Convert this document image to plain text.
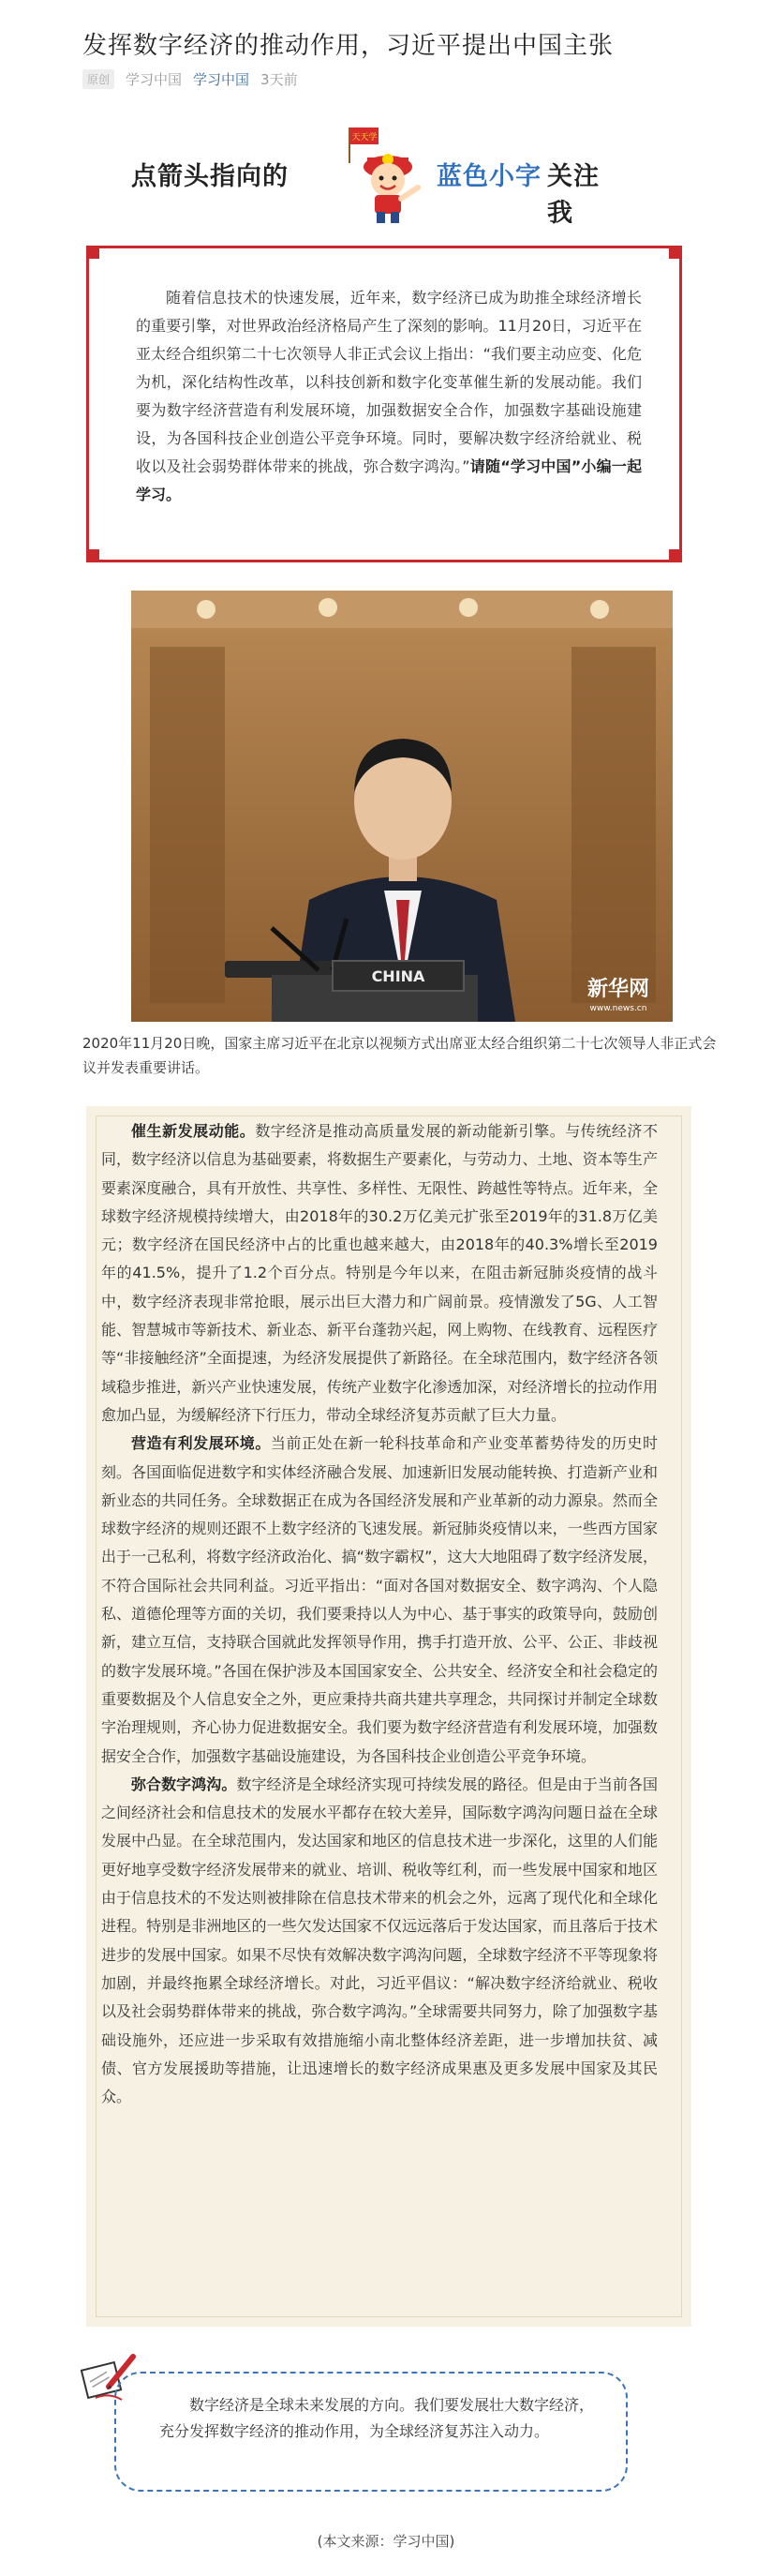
发挥数字经济的推动作用，习近平提出中国主张
原创	学习中国 学习中国 3天前
点箭头指向的
天天学
蓝色小字 关注我

随着信息技术的快速发展，近年来，数字经济已成为助推全球经济增长的重要引擎，对世界政治经济格局产生了深刻的影响。11月20日，习近平在亚太经合组织第二十七次领导人非正式会议上指出：“我们要主动应变、化危为机，深化结构性改革，以科技创新和数字化变革催生新的发展动能。我们要为数字经济营造有利发展环境，加强数据安全合作，加强数字基础设施建设，为各国科技企业创造公平竞争环境。同时，要解决数字经济给就业、税收以及社会弱势群体带来的挑战，弥合数字鸿沟。”请随“学习中国”小编一起学习。

CHINA
新华网
www.news.cn
2020年11月20日晚，国家主席习近平在北京以视频方式出席亚太经合组织第二十七次领导人非正式会议并发表重要讲话。

催生新发展动能。数字经济是推动高质量发展的新动能新引擎。与传统经济不同，数字经济以信息为基础要素，将数据生产要素化，与劳动力、土地、资本等生产要素深度融合，具有开放性、共享性、多样性、无限性、跨越性等特点。近年来，全球数字经济规模持续增大，由2018年的30.2万亿美元扩张至2019年的31.8万亿美元；数字经济在国民经济中占的比重也越来越大，由2018年的40.3%增长至2019年的41.5%，提升了1.2个百分点。特别是今年以来，在阻击新冠肺炎疫情的战斗中，数字经济表现非常抢眼，展示出巨大潜力和广阔前景。疫情激发了5G、人工智能、智慧城市等新技术、新业态、新平台蓬勃兴起，网上购物、在线教育、远程医疗等“非接触经济”全面提速，为经济发展提供了新路径。在全球范围内，数字经济各领域稳步推进，新兴产业快速发展，传统产业数字化渗透加深，对经济增长的拉动作用愈加凸显，为缓解经济下行压力，带动全球经济复苏贡献了巨大力量。

营造有利发展环境。当前正处在新一轮科技革命和产业变革蓄势待发的历史时刻。各国面临促进数字和实体经济融合发展、加速新旧发展动能转换、打造新产业和新业态的共同任务。全球数据正在成为各国经济发展和产业革新的动力源泉。然而全球数字经济的规则还跟不上数字经济的飞速发展。新冠肺炎疫情以来，一些西方国家出于一己私利，将数字经济政治化、搞“数字霸权”，这大大地阻碍了数字经济发展，不符合国际社会共同利益。习近平指出：“面对各国对数据安全、数字鸿沟、个人隐私、道德伦理等方面的关切，我们要秉持以人为中心、基于事实的政策导向，鼓励创新，建立互信，支持联合国就此发挥领导作用，携手打造开放、公平、公正、非歧视的数字发展环境。”各国在保护涉及本国国家安全、公共安全、经济安全和社会稳定的重要数据及个人信息安全之外，更应秉持共商共建共享理念，共同探讨并制定全球数字治理规则，齐心协力促进数据安全。我们要为数字经济营造有利发展环境，加强数据安全合作，加强数字基础设施建设，为各国科技企业创造公平竞争环境。

弥合数字鸿沟。数字经济是全球经济实现可持续发展的路径。但是由于当前各国之间经济社会和信息技术的发展水平都存在较大差异，国际数字鸿沟问题日益在全球发展中凸显。在全球范围内，发达国家和地区的信息技术进一步深化，这里的人们能更好地享受数字经济发展带来的就业、培训、税收等红利，而一些发展中国家和地区由于信息技术的不发达则被排除在信息技术带来的机会之外，远离了现代化和全球化进程。特别是非洲地区的一些欠发达国家不仅远远落后于发达国家，而且落后于技术进步的发展中国家。如果不尽快有效解决数字鸿沟问题，全球数字经济不平等现象将加剧，并最终拖累全球经济增长。对此，习近平倡议：“解决数字经济给就业、税收以及社会弱势群体带来的挑战，弥合数字鸿沟。”全球需要共同努力，除了加强数字基础设施外，还应进一步采取有效措施缩小南北整体经济差距，进一步增加扶贫、减债、官方发展援助等措施，让迅速增长的数字经济成果惠及更多发展中国家及其民众。

数字经济是全球未来发展的方向。我们要发展壮大数字经济，充分发挥数字经济的推动作用，为全球经济复苏注入动力。

(本文来源：学习中国)
